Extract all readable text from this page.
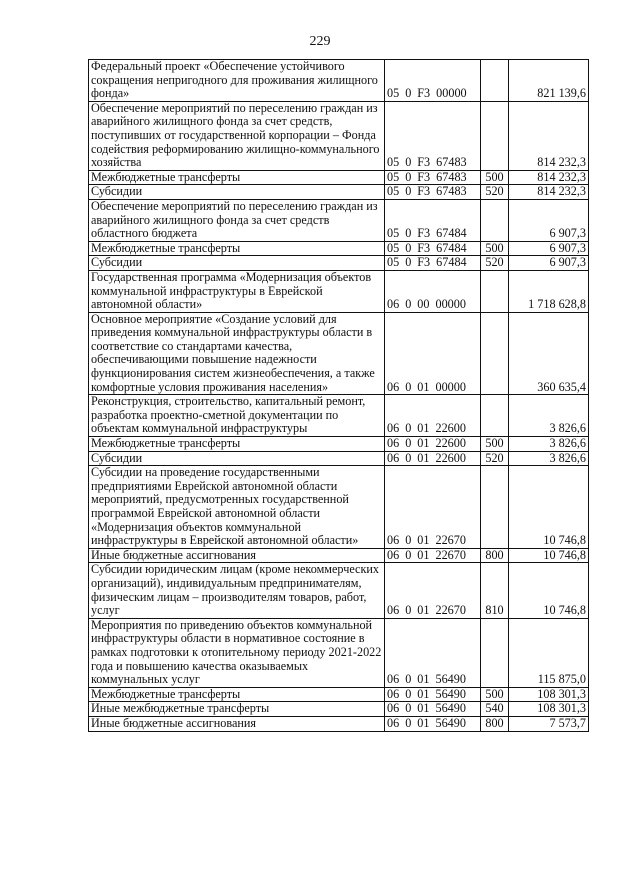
229
Федеральный проект «Обеспечение устойчивого сокращения непригодного для проживания жилищного фонда»	05 0 F3 00000		821 139,6
Обеспечение мероприятий по переселению граждан из аварийного жилищного фонда за счет средств, поступивших от государственной корпорации – Фонда содействия реформированию жилищно-коммунального хозяйства	05 0 F3 67483		814 232,3
Межбюджетные трансферты	05 0 F3 67483	500	814 232,3
Субсидии	05 0 F3 67483	520	814 232,3
Обеспечение мероприятий по переселению граждан из аварийного жилищного фонда за счет средств областного бюджета	05 0 F3 67484		6 907,3
Межбюджетные трансферты	05 0 F3 67484	500	6 907,3
Субсидии	05 0 F3 67484	520	6 907,3
Государственная программа «Модернизация объектов коммунальной инфраструктуры в Еврейской автономной области»	06 0 00 00000		1 718 628,8
Основное мероприятие «Создание условий для приведения коммунальной инфраструктуры области в соответствие со стандартами качества, обеспечивающими повышение надежности функционирования систем жизнеобеспечения, а также комфортные условия проживания населения»	06 0 01 00000		360 635,4
Реконструкция, строительство, капитальный ремонт, разработка проектно-сметной документации по объектам коммунальной инфраструктуры	06 0 01 22600		3 826,6
Межбюджетные трансферты	06 0 01 22600	500	3 826,6
Субсидии	06 0 01 22600	520	3 826,6
Субсидии на проведение государственными предприятиями Еврейской автономной области мероприятий, предусмотренных государственной программой Еврейской автономной области «Модернизация объектов коммунальной инфраструктуры в Еврейской автономной области»	06 0 01 22670		10 746,8
Иные бюджетные ассигнования	06 0 01 22670	800	10 746,8
Субсидии юридическим лицам (кроме некоммерческих организаций), индивидуальным предпринимателям, физическим лицам – производителям товаров, работ, услуг	06 0 01 22670	810	10 746,8
Мероприятия по приведению объектов коммунальной инфраструктуры области в нормативное состояние в рамках подготовки к отопительному периоду 2021-2022 года и повышению качества оказываемых коммунальных услуг	06 0 01 56490		115 875,0
Межбюджетные трансферты	06 0 01 56490	500	108 301,3
Иные межбюджетные трансферты	06 0 01 56490	540	108 301,3
Иные бюджетные ассигнования	06 0 01 56490	800	7 573,7
